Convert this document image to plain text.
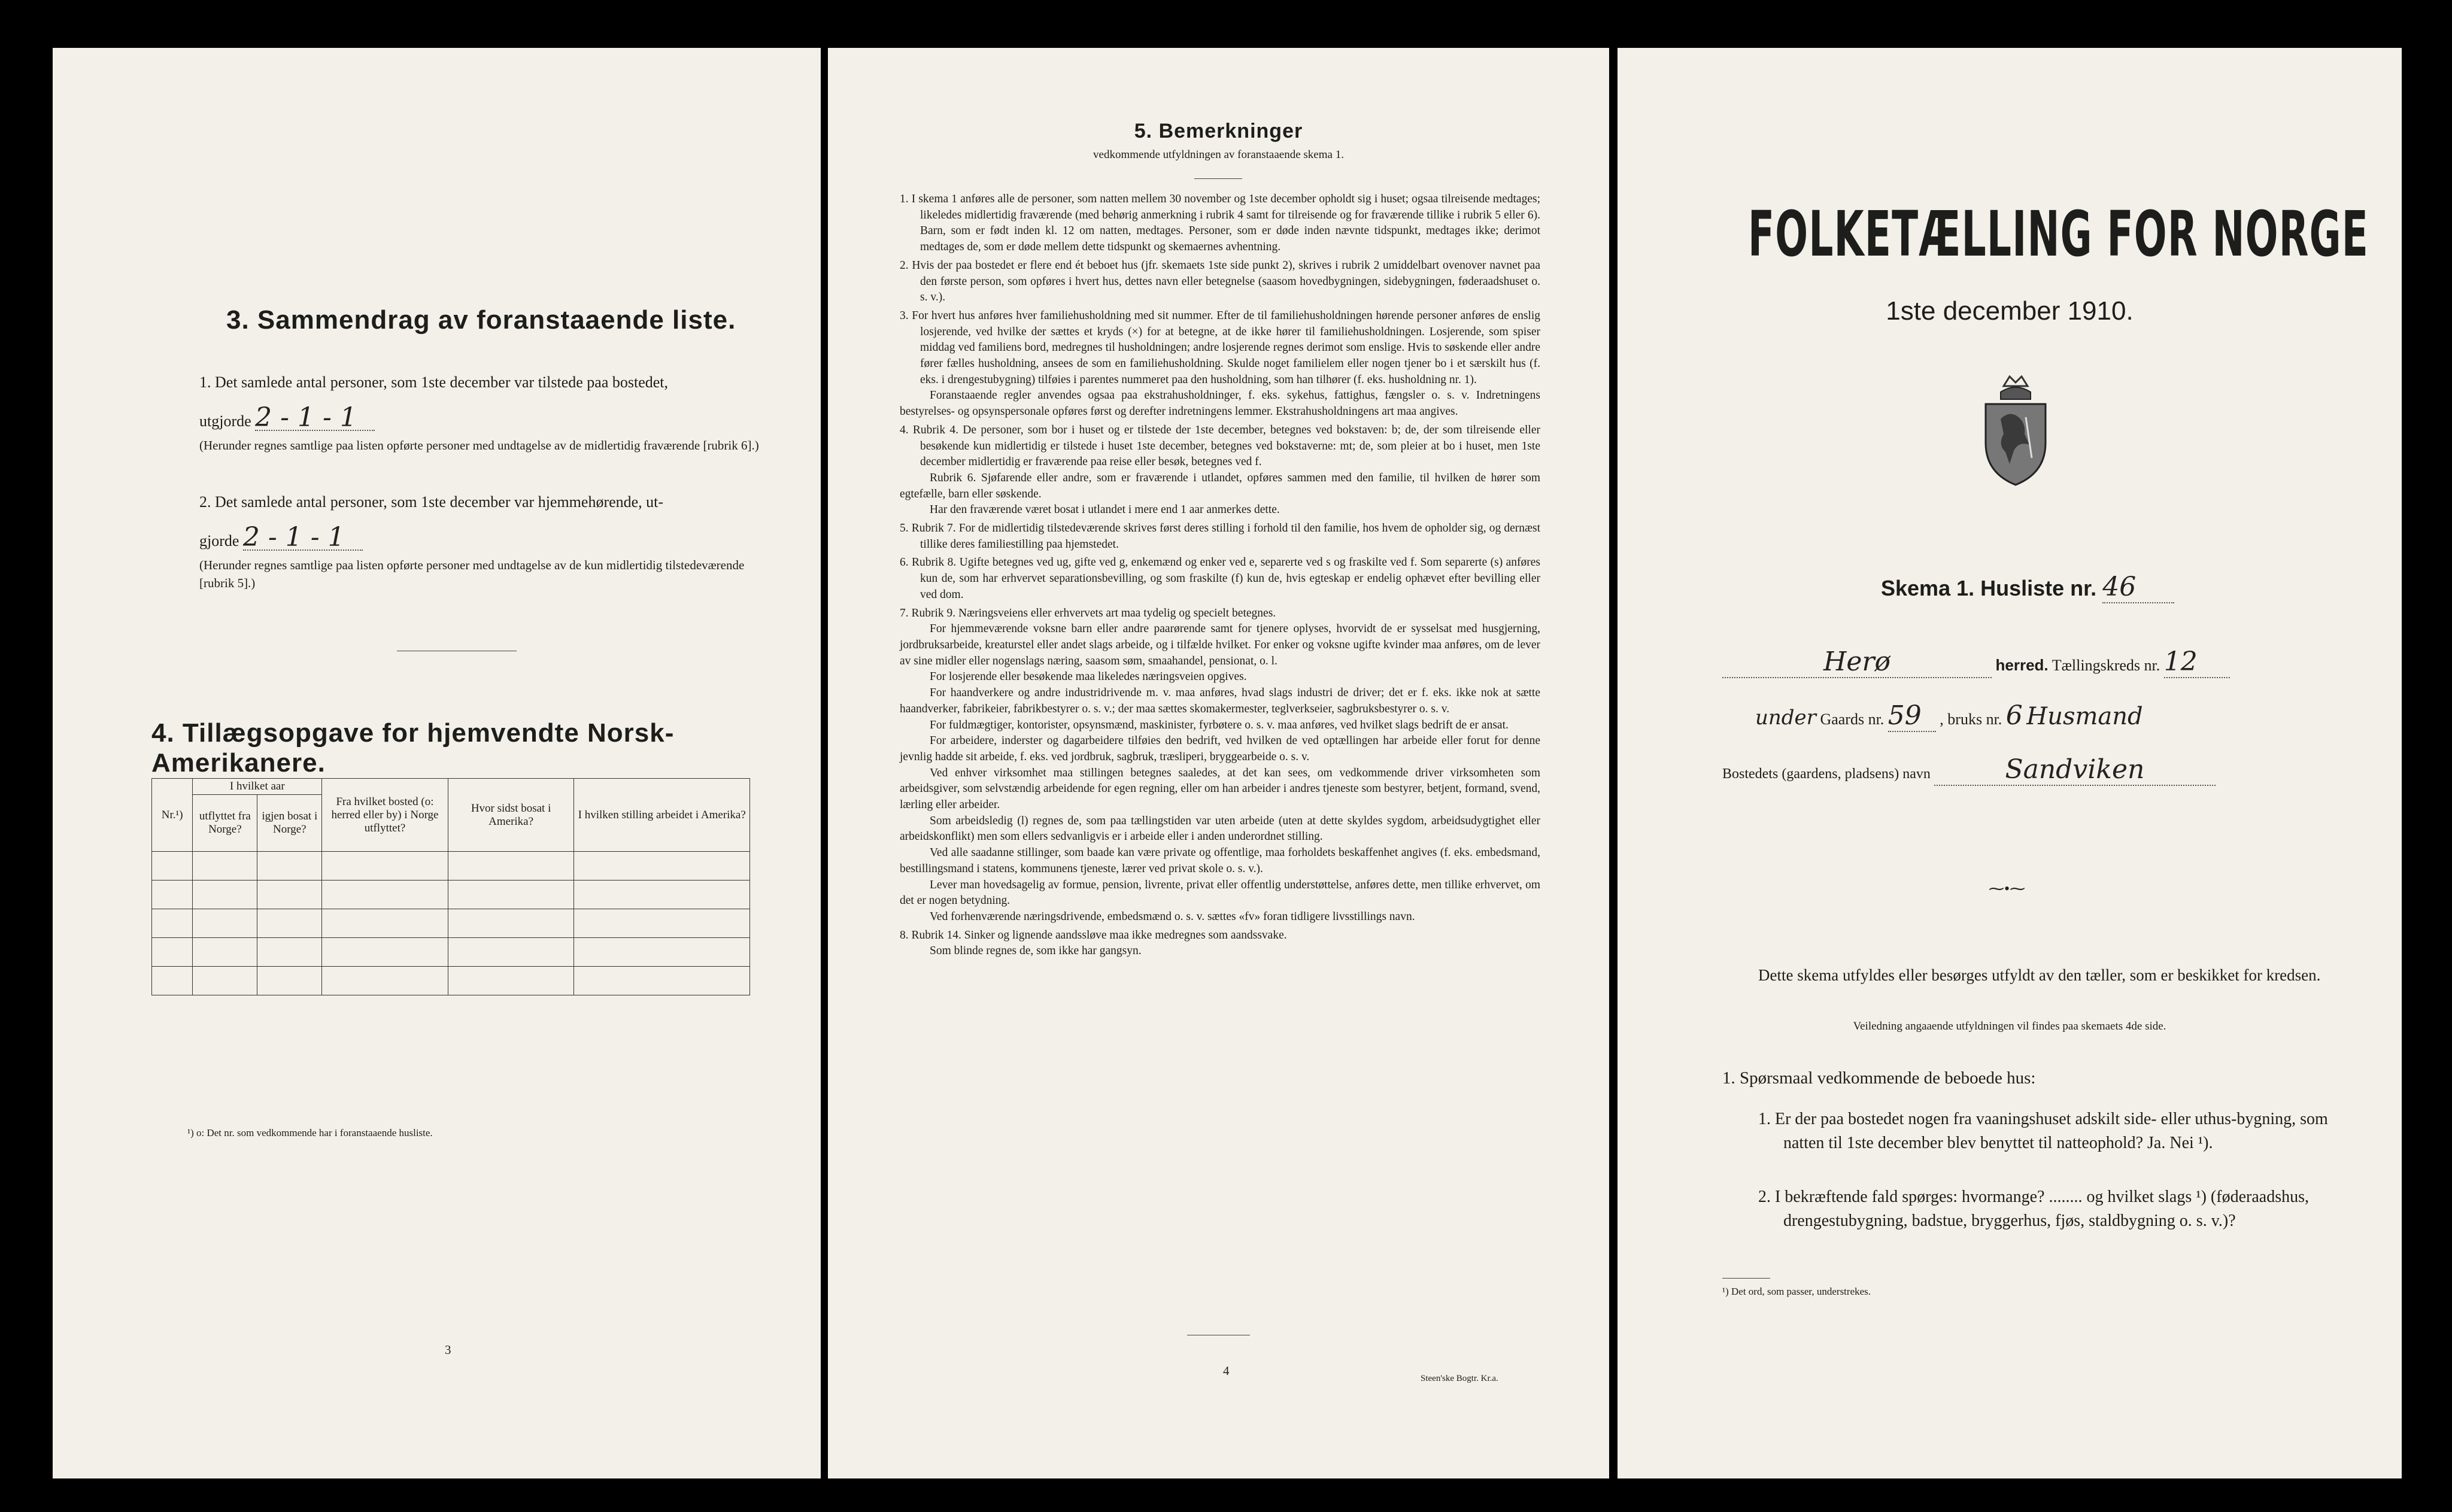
3. Sammendrag av foranstaaende liste.
1. Det samlede antal personer, som 1ste december var tilstede paa bostedet,
utgjorde 2 - 1 - 1
(Herunder regnes samtlige paa listen opførte personer med undtagelse av de midlertidig fraværende [rubrik 6].)
2. Det samlede antal personer, som 1ste december var hjemmehørende, ut-
gjorde 2 - 1 - 1
(Herunder regnes samtlige paa listen opførte personer med undtagelse av de kun midlertidig tilstedeværende [rubrik 5].)
4. Tillægsopgave for hjemvendte Norsk-Amerikanere.
Nr.¹)	I hvilket aar		Fra hvilket bosted (o: herred eller by) i Norge utflyttet?	Hvor sidst bosat i Amerika?	I hvilken stilling arbeidet i Amerika?
	utflyttet fra Norge?	igjen bosat i Norge?			

¹) o: Det nr. som vedkommende har i foranstaaende husliste.
3
5. Bemerkninger
vedkommende utfyldningen av foranstaaende skema 1.
1. I skema 1 anføres alle de personer, som natten mellem 30 november og 1ste december opholdt sig i huset; ogsaa tilreisende medtages; likeledes midlertidig fraværende (med behørig anmerkning i rubrik 4 samt for tilreisende og for fraværende tillike i rubrik 5 eller 6). Barn, som er født inden kl. 12 om natten, medtages. Personer, som er døde inden nævnte tidspunkt, medtages ikke; derimot medtages de, som er døde mellem dette tidspunkt og skemaernes avhentning.
2. Hvis der paa bostedet er flere end ét beboet hus (jfr. skemaets 1ste side punkt 2), skrives i rubrik 2 umiddelbart ovenover navnet paa den første person, som opføres i hvert hus, dettes navn eller betegnelse (saasom hovedbygningen, sidebygningen, føderaadshuset o. s. v.).
3. For hvert hus anføres hver familiehusholdning med sit nummer. Efter de til familiehusholdningen hørende personer anføres de enslig losjerende, ved hvilke der sættes et kryds (×) for at betegne, at de ikke hører til familiehusholdningen. Losjerende, som spiser middag ved familiens bord, medregnes til husholdningen; andre losjerende regnes derimot som enslige. Hvis to søskende eller andre fører fælles husholdning, ansees de som en familiehusholdning. Skulde noget familielem eller nogen tjener bo i et særskilt hus (f. eks. i drengestubygning) tilføies i parentes nummeret paa den husholdning, som han tilhører (f. eks. husholdning nr. 1).
Foranstaaende regler anvendes ogsaa paa ekstrahusholdninger, f. eks. sykehus, fattighus, fængsler o. s. v. Indretningens bestyrelses- og opsynspersonale opføres først og derefter indretningens lemmer. Ekstrahusholdningens art maa angives.
4. Rubrik 4. De personer, som bor i huset og er tilstede der 1ste december, betegnes ved bokstaven: b; de, der som tilreisende eller besøkende kun midlertidig er tilstede i huset 1ste december, betegnes ved bokstaverne: mt; de, som pleier at bo i huset, men 1ste december midlertidig er fraværende paa reise eller besøk, betegnes ved f.
Rubrik 6. Sjøfarende eller andre, som er fraværende i utlandet, opføres sammen med den familie, til hvilken de hører som egtefælle, barn eller søskende.
Har den fraværende været bosat i utlandet i mere end 1 aar anmerkes dette.
5. Rubrik 7. For de midlertidig tilstedeværende skrives først deres stilling i forhold til den familie, hos hvem de opholder sig, og dernæst tillike deres familiestilling paa hjemstedet.
6. Rubrik 8. Ugifte betegnes ved ug, gifte ved g, enkemænd og enker ved e, separerte ved s og fraskilte ved f. Som separerte (s) anføres kun de, som har erhvervet separationsbevilling, og som fraskilte (f) kun de, hvis egteskap er endelig ophævet efter bevilling eller ved dom.
7. Rubrik 9. Næringsveiens eller erhvervets art maa tydelig og specielt betegnes.
For hjemmeværende voksne barn eller andre paarørende samt for tjenere oplyses, hvorvidt de er sysselsat med husgjerning, jordbruksarbeide, kreaturstel eller andet slags arbeide, og i tilfælde hvilket. For enker og voksne ugifte kvinder maa anføres, om de lever av sine midler eller nogenslags næring, saasom søm, smaahandel, pensionat, o. l.
For losjerende eller besøkende maa likeledes næringsveien opgives.
For haandverkere og andre industridrivende m. v. maa anføres, hvad slags industri de driver; det er f. eks. ikke nok at sætte haandverker, fabrikeier, fabrikbestyrer o. s. v.; der maa sættes skomakermester, teglverkseier, sagbruksbestyrer o. s. v.
For fuldmægtiger, kontorister, opsynsmænd, maskinister, fyrbøtere o. s. v. maa anføres, ved hvilket slags bedrift de er ansat.
For arbeidere, inderster og dagarbeidere tilføies den bedrift, ved hvilken de ved optællingen har arbeide eller forut for denne jevnlig hadde sit arbeide, f. eks. ved jordbruk, sagbruk, træsliperi, bryggearbeide o. s. v.
Ved enhver virksomhet maa stillingen betegnes saaledes, at det kan sees, om vedkommende driver virksomheten som arbeidsgiver, som selvstændig arbeidende for egen regning, eller om han arbeider i andres tjeneste som bestyrer, betjent, formand, svend, lærling eller arbeider.
Som arbeidsledig (l) regnes de, som paa tællingstiden var uten arbeide (uten at dette skyldes sygdom, arbeidsudygtighet eller arbeidskonflikt) men som ellers sedvanligvis er i arbeide eller i anden underordnet stilling.
Ved alle saadanne stillinger, som baade kan være private og offentlige, maa forholdets beskaffenhet angives (f. eks. embedsmand, bestillingsmand i statens, kommunens tjeneste, lærer ved privat skole o. s. v.).
Lever man hovedsagelig av formue, pension, livrente, privat eller offentlig understøttelse, anføres dette, men tillike erhvervet, om det er nogen betydning.
Ved forhenværende næringsdrivende, embedsmænd o. s. v. sættes «fv» foran tidligere livsstillings navn.
8. Rubrik 14. Sinker og lignende aandssløve maa ikke medregnes som aandssvake.
Som blinde regnes de, som ikke har gangsyn.
4
Steen'ske Bogtr. Kr.a.
FOLKETÆLLING FOR NORGE
1ste december 1910.
Skema 1. Husliste nr. 46
Herø	herred. Tællingskreds nr. 12
under Gaards nr. 59 , bruks nr. 6 Husmand
Bostedets (gaardens, pladsens) navn	Sandviken
⁓•⁓
Dette skema utfyldes eller besørges utfyldt av den tæller, som er beskikket for kredsen.
Veiledning angaaende utfyldningen vil findes paa skemaets 4de side.
1. Spørsmaal vedkommende de beboede hus:
1. Er der paa bostedet nogen fra vaaningshuset adskilt side- eller uthus-bygning, som natten til 1ste december blev benyttet til natteophold? Ja. Nei ¹).
2. I bekræftende fald spørges: hvormange? ........ og hvilket slags ¹) (føderaadshus, drengestubygning, badstue, bryggerhus, fjøs, staldbygning o. s. v.)?
¹) Det ord, som passer, understrekes.
